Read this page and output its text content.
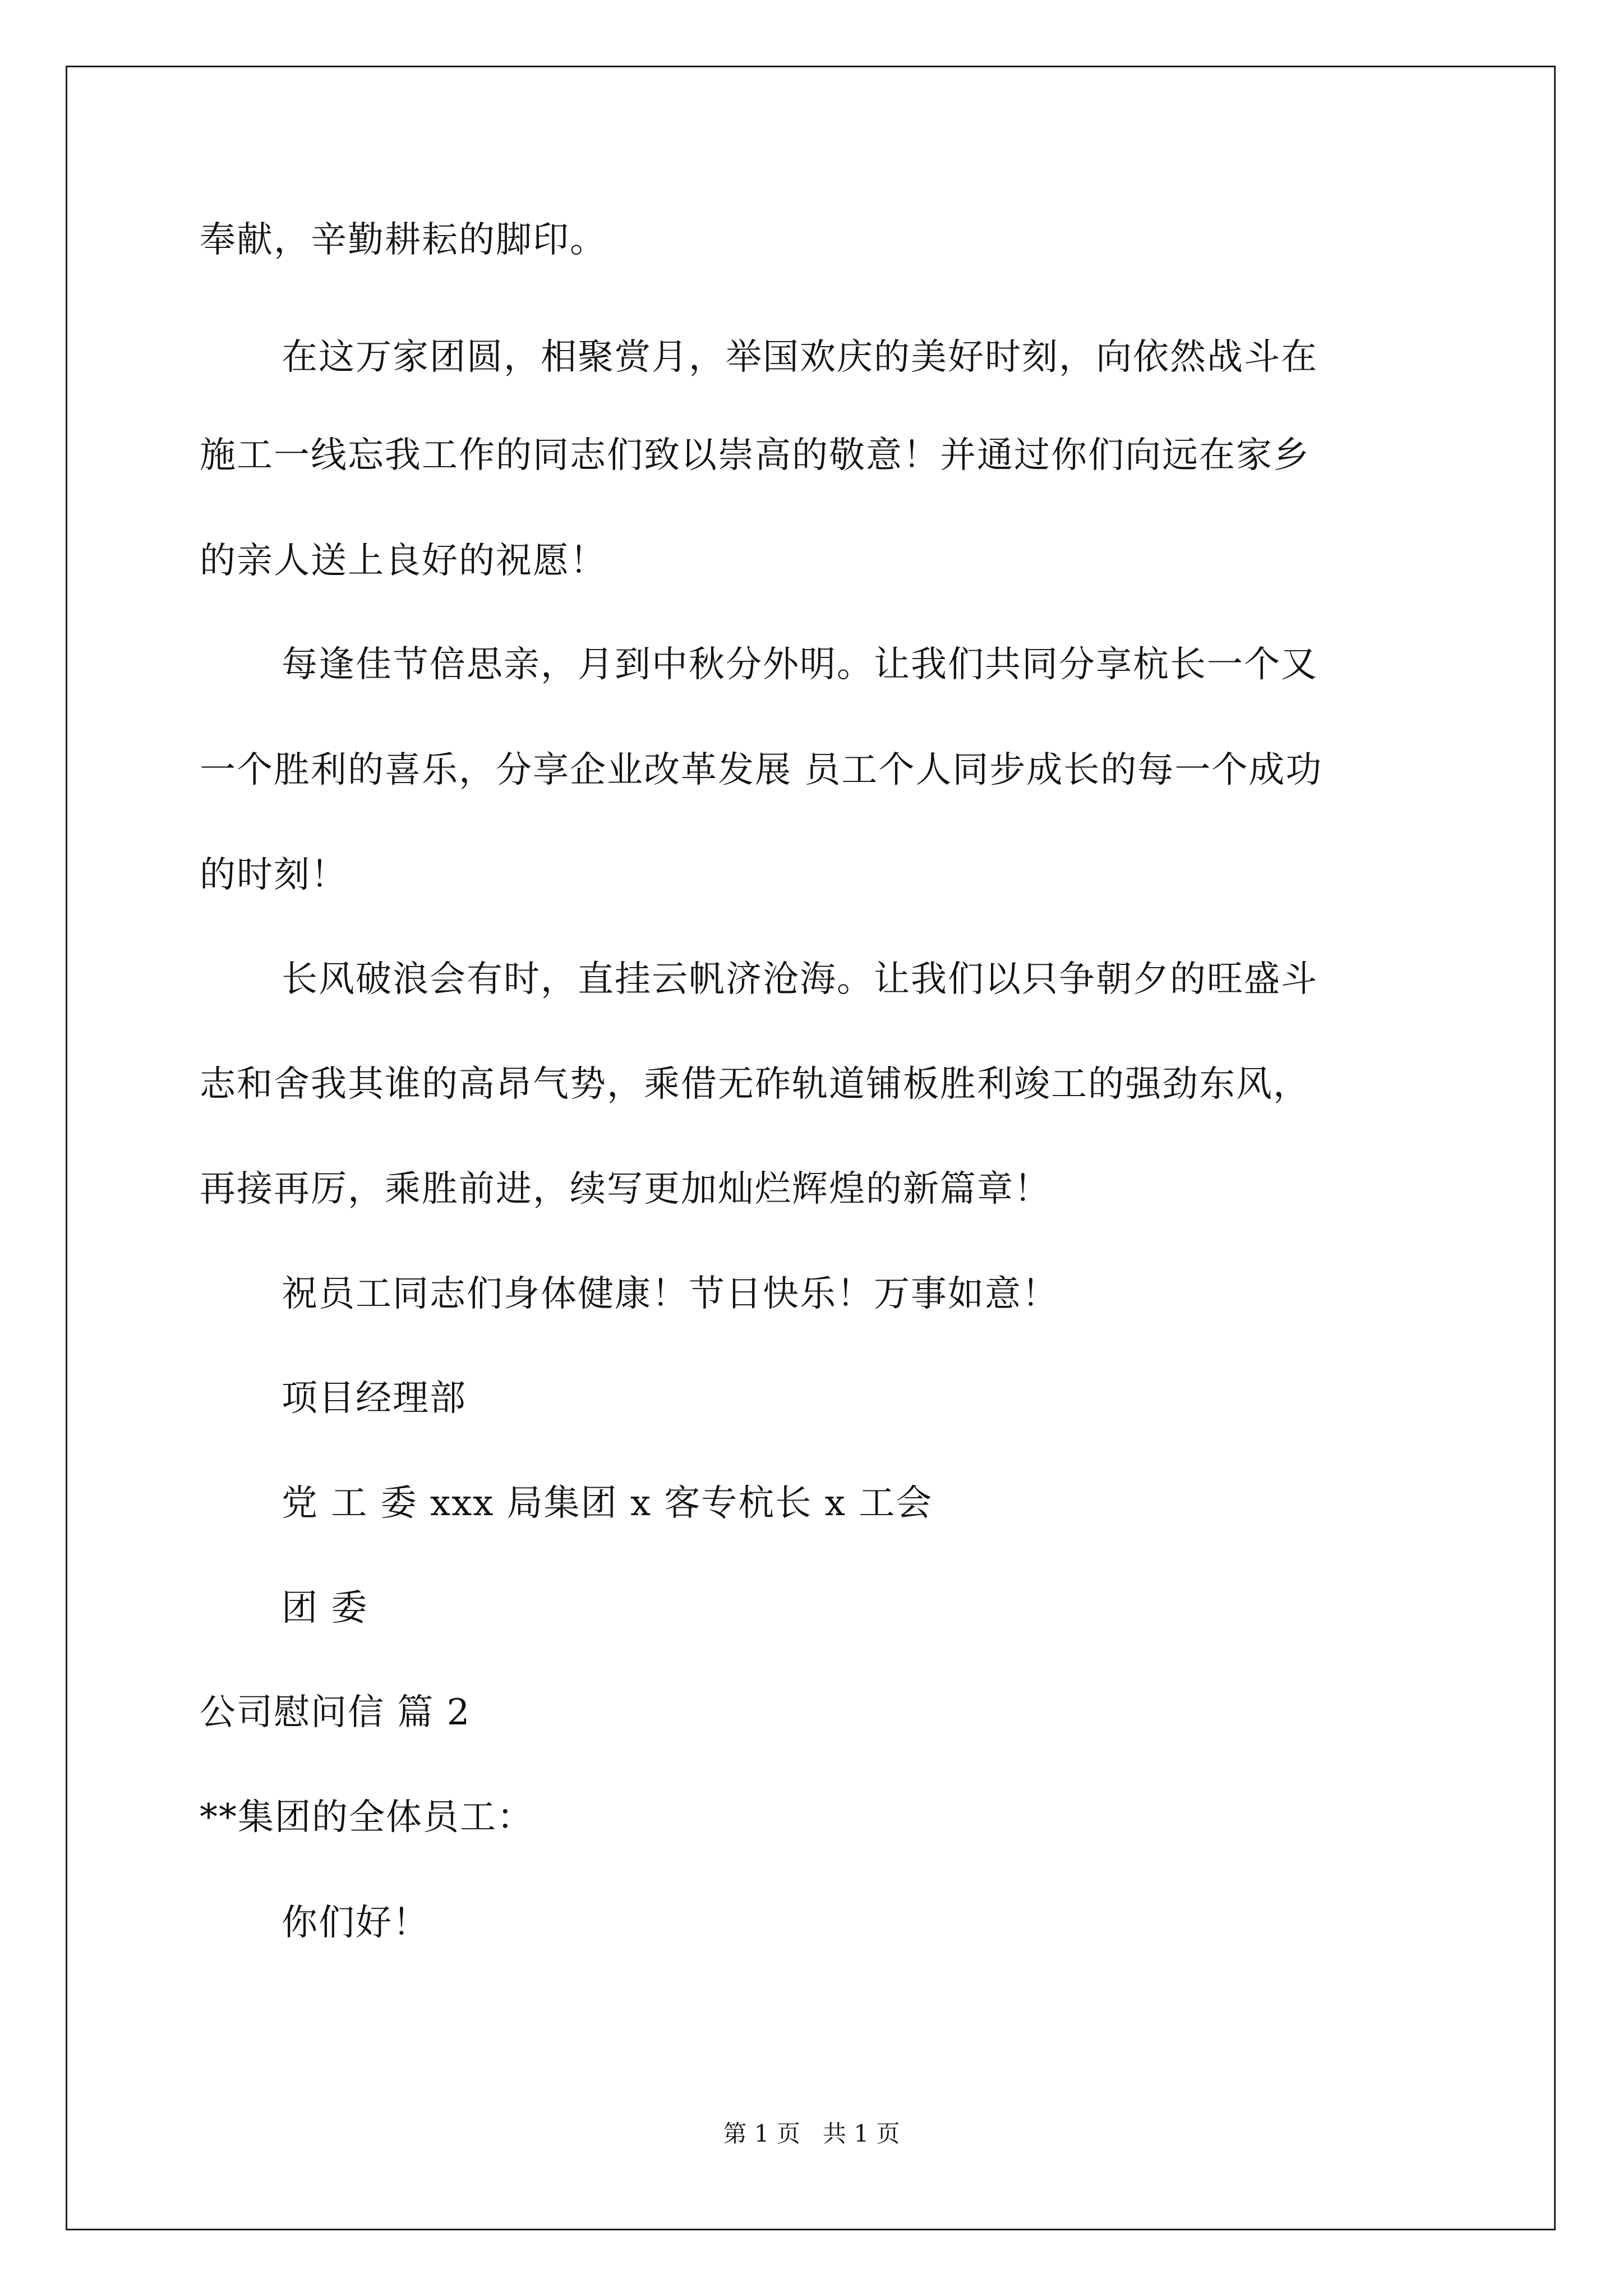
奉献，辛勤耕耘的脚印。
在这万家团圆，相聚赏月，举国欢庆的美好时刻，向依然战斗在
施工一线忘我工作的同志们致以崇高的敬意！并通过你们向远在家乡
的亲人送上良好的祝愿！
每逢佳节倍思亲，月到中秋分外明。让我们共同分享杭长一个又
一个胜利的喜乐，分享企业改革发展 员工个人同步成长的每一个成功
的时刻！
长风破浪会有时，直挂云帆济沧海。让我们以只争朝夕的旺盛斗
志和舍我其谁的高昂气势，乘借无砟轨道铺板胜利竣工的强劲东风，
再接再厉，乘胜前进，续写更加灿烂辉煌的新篇章！
祝员工同志们身体健康！节日快乐！万事如意！
项目经理部
党 工 委 xxx 局集团 x 客专杭长 x 工会
团 委
公司慰问信 篇 2
**集团的全体员工：
你们好！
第 1 页   共 1 页
